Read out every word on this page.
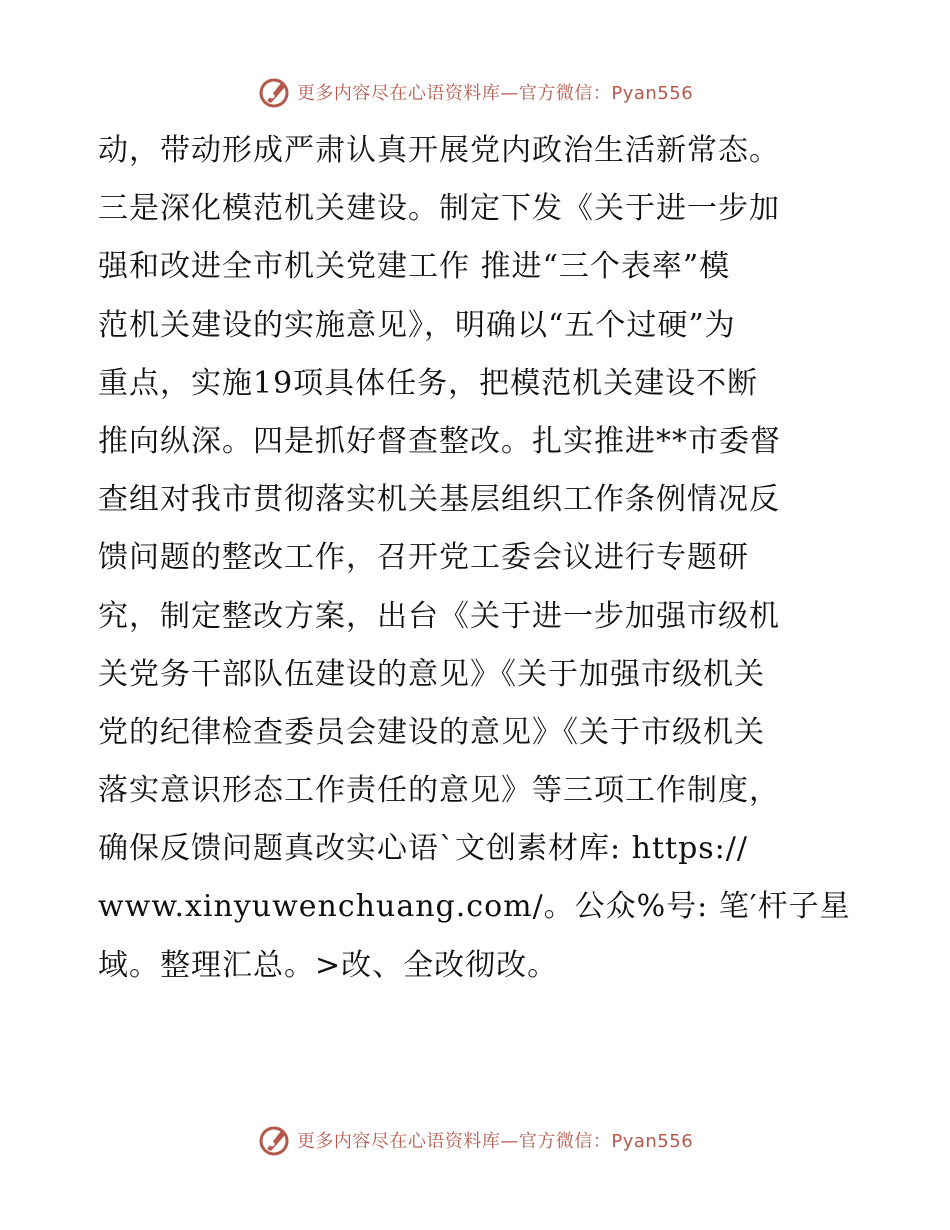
更多内容尽在心语资料库—官方微信：Pyan556
动，带动形成严肃认真开展党内政治生活新常态。
三是深化模范机关建设。制定下发《关于进一步加
强和改进全市机关党建工作 推进“三个表率”模
范机关建设的实施意见》，明确以“五个过硬”为
重点，实施19项具体任务，把模范机关建设不断
推向纵深。四是抓好督查整改。扎实推进**市委督
查组对我市贯彻落实机关基层组织工作条例情况反
馈问题的整改工作，召开党工委会议进行专题研
究，制定整改方案，出台《关于进一步加强市级机
关党务干部队伍建设的意见》《关于加强市级机关
党的纪律检查委员会建设的意见》《关于市级机关
落实意识形态工作责任的意见》等三项工作制度，
确保反馈问题真改实心语`文创素材库: https://
www.xinyuwenchuang.com/。公众%号: 笔′杆子星
域。整理汇总。>改、全改彻改。
更多内容尽在心语资料库—官方微信：Pyan556
